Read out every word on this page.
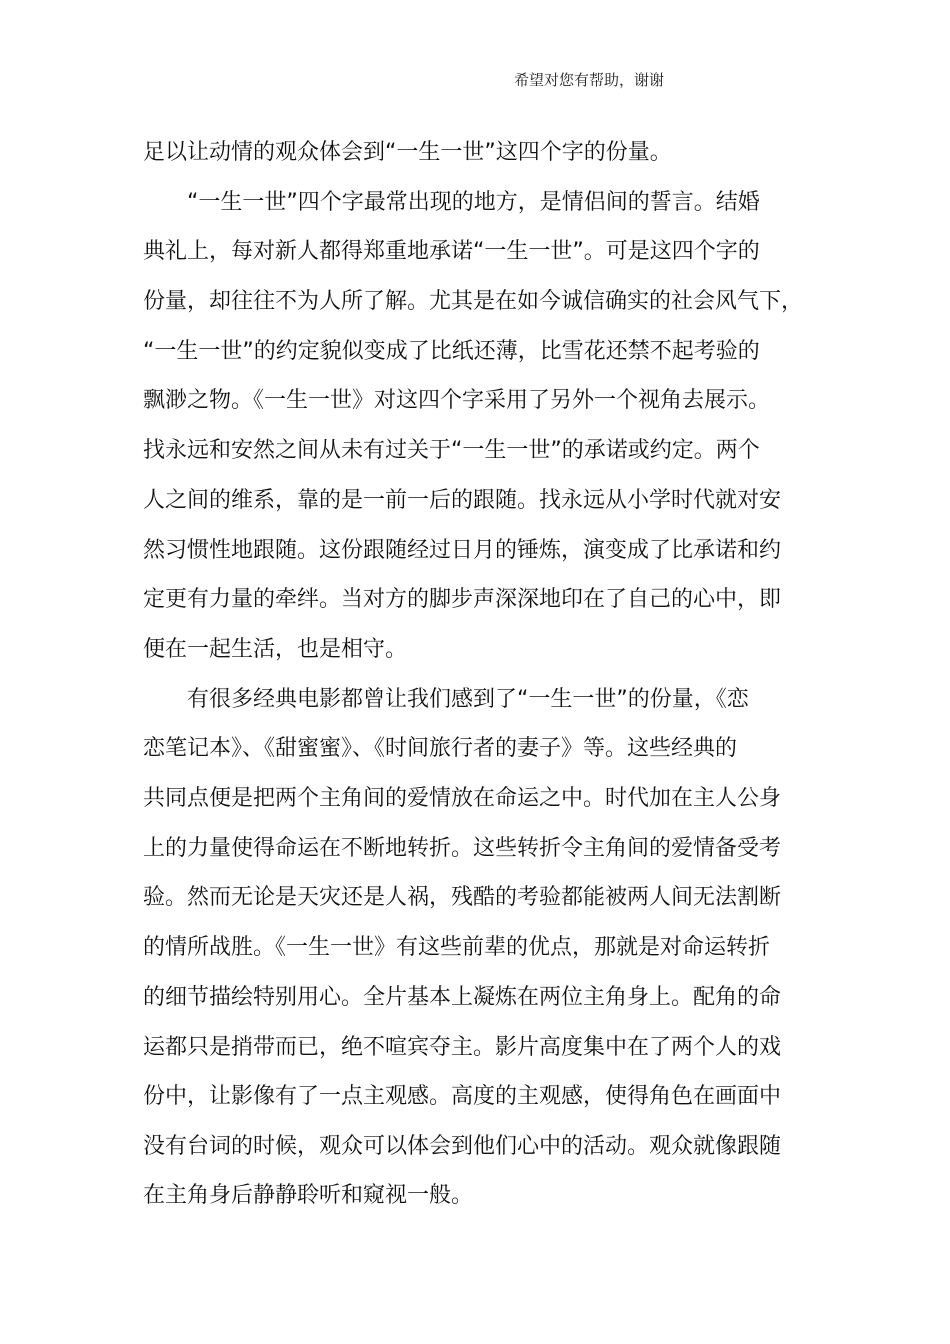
希望对您有帮助，谢谢
足以让动情的观众体会到“一生一世”这四个字的份量。
　　“一生一世”四个字最常出现的地方，是情侣间的誓言。结婚
典礼上，每对新人都得郑重地承诺“一生一世”。可是这四个字的
份量，却往往不为人所了解。尤其是在如今诚信确实的社会风气下，
“一生一世”的约定貌似变成了比纸还薄，比雪花还禁不起考验的
飘渺之物。《一生一世》对这四个字采用了另外一个视角去展示。
找永远和安然之间从未有过关于“一生一世”的承诺或约定。两个
人之间的维系，靠的是一前一后的跟随。找永远从小学时代就对安
然习惯性地跟随。这份跟随经过日月的锤炼，演变成了比承诺和约
定更有力量的牵绊。当对方的脚步声深深地印在了自己的心中，即
便在一起生活，也是相守。
　　有很多经典电影都曾让我们感到了“一生一世”的份量，《恋
恋笔记本》、《甜蜜蜜》、《时间旅行者的妻子》等。这些经典的
共同点便是把两个主角间的爱情放在命运之中。时代加在主人公身
上的力量使得命运在不断地转折。这些转折令主角间的爱情备受考
验。然而无论是天灾还是人祸，残酷的考验都能被两人间无法割断
的情所战胜。《一生一世》有这些前辈的优点，那就是对命运转折
的细节描绘特别用心。全片基本上凝炼在两位主角身上。配角的命
运都只是捎带而已，绝不喧宾夺主。影片高度集中在了两个人的戏
份中，让影像有了一点主观感。高度的主观感，使得角色在画面中
没有台词的时候，观众可以体会到他们心中的活动。观众就像跟随
在主角身后静静聆听和窥视一般。
